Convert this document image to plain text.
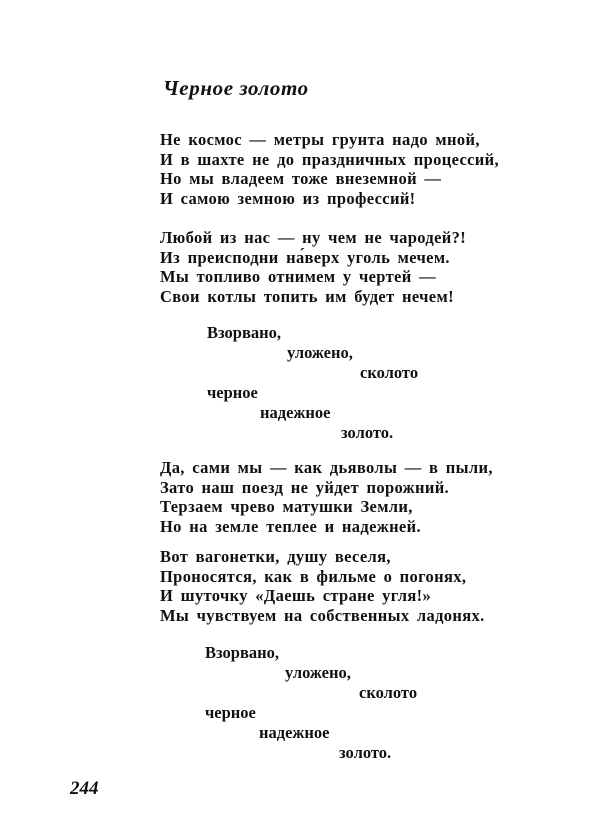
Черное золото
Не космос — метры грунта надо мной,
И в шахте не до праздничных процессий,
Но мы владеем тоже внеземной —
И самою земною из профессий!
Любой из нас — ну чем не чародей?!
Из преисподни на́верх уголь мечем.
Мы топливо отнимем у чертей —
Свои котлы топить им будет нечем!
Взорвано,
уложено,
сколото
черное
надежное
золото.
Да, сами мы — как дьяволы — в пыли,
Зато наш поезд не уйдет порожний.
Терзаем чрево матушки Земли,
Но на земле теплее и надежней.
Вот вагонетки, душу веселя,
Проносятся, как в фильме о погонях,
И шуточку «Даешь стране угля!»
Мы чувствуем на собственных ладонях.
Взорвано,
уложено,
сколото
черное
надежное
золото.
244
